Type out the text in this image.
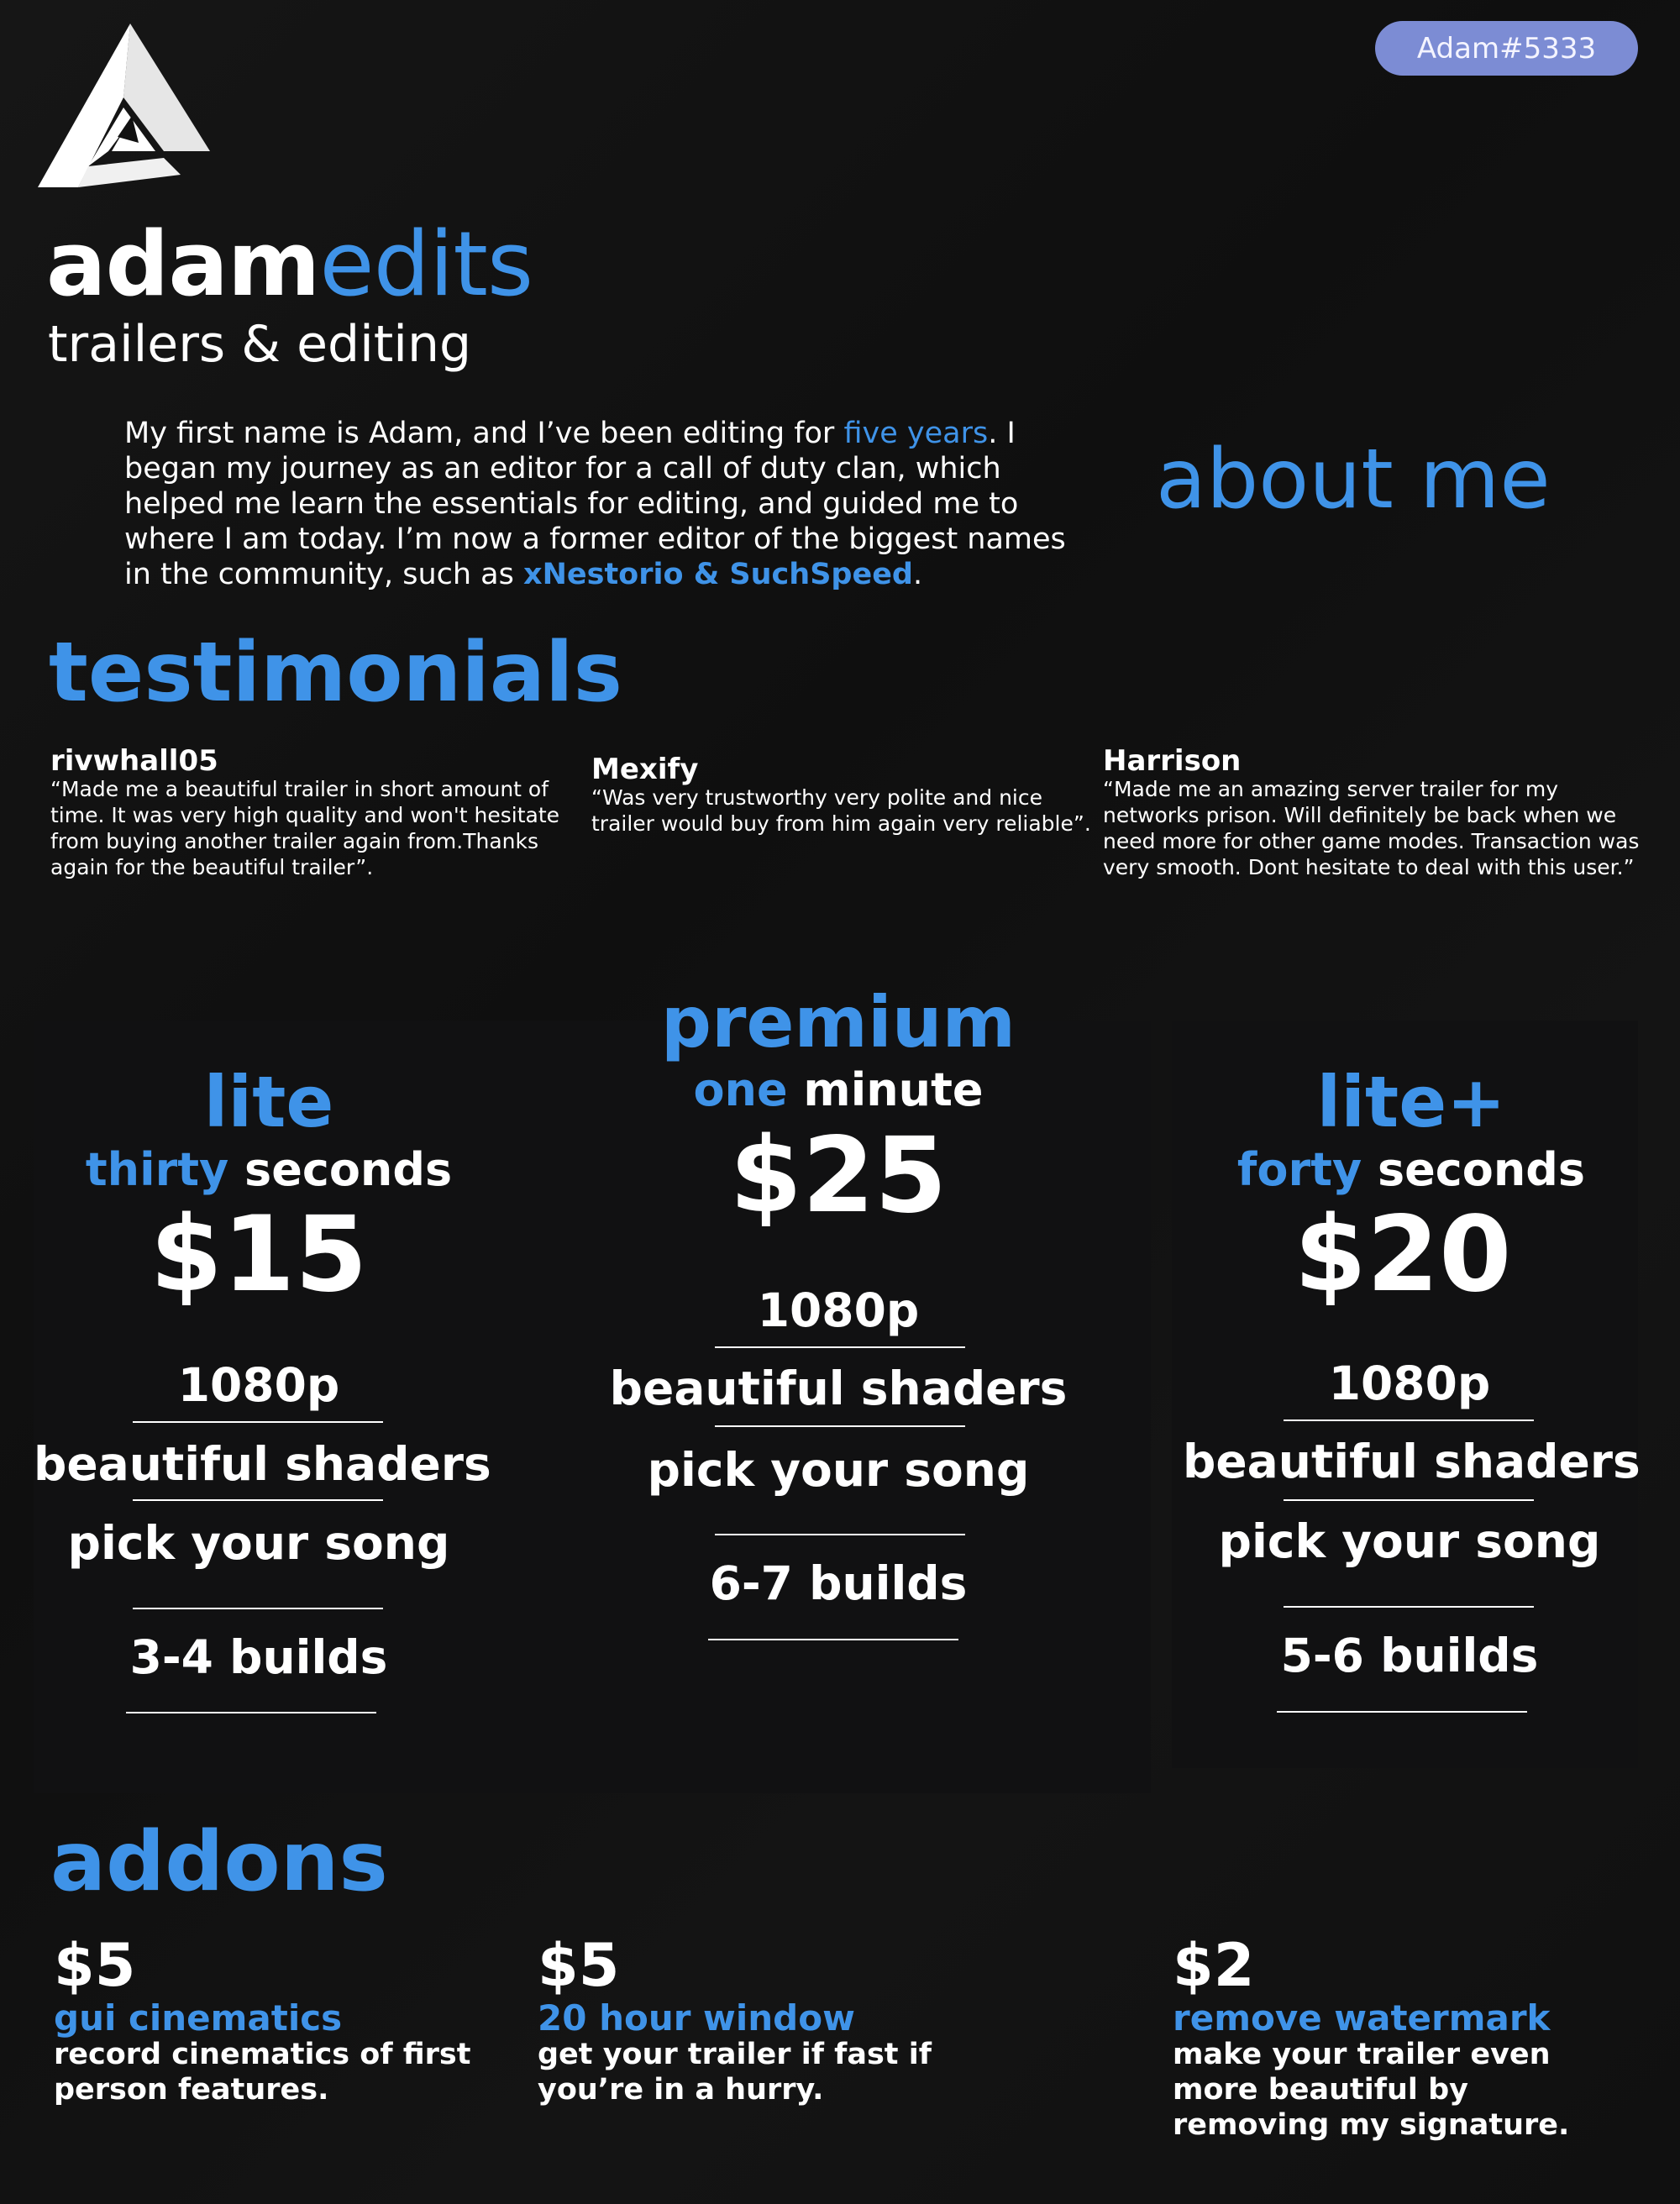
Adam#5333
adamedits
trailers & editing
My first name is Adam, and I’ve been editing for five years. I began my journey as an editor for a call of duty clan, which helped me learn the essentials for editing, and guided me to where I am today. I’m now a former editor of the biggest names in the community, such as xNestorio & SuchSpeed.
about me
testimonials
rivwhall05
“Made me a beautiful trailer in short amount of time. It was very high quality and won't hesitate from buying another trailer again from.Thanks again for the beautiful trailer”.
Mexify
“Was very trustworthy very polite and nice trailer would buy from him again very reliable”.
Harrison
“Made me an amazing server trailer for my networks prison. Will definitely be back when we need more for other game modes. Transaction was very smooth. Dont hesitate to deal with this user.”
lite
thirty seconds
$15
1080p
beautiful shaders
pick your song
3-4 builds
premium
one minute
$25
1080p
beautiful shaders
pick your song
6-7 builds
lite+
forty seconds
$20
1080p
beautiful shaders
pick your song
5-6 builds
addons
$5
gui cinematics
record cinematics of first person features.
$5
20 hour window
get your trailer if fast if you’re in a hurry.
$2
remove watermark
make your trailer even more beautiful by removing my signature.
